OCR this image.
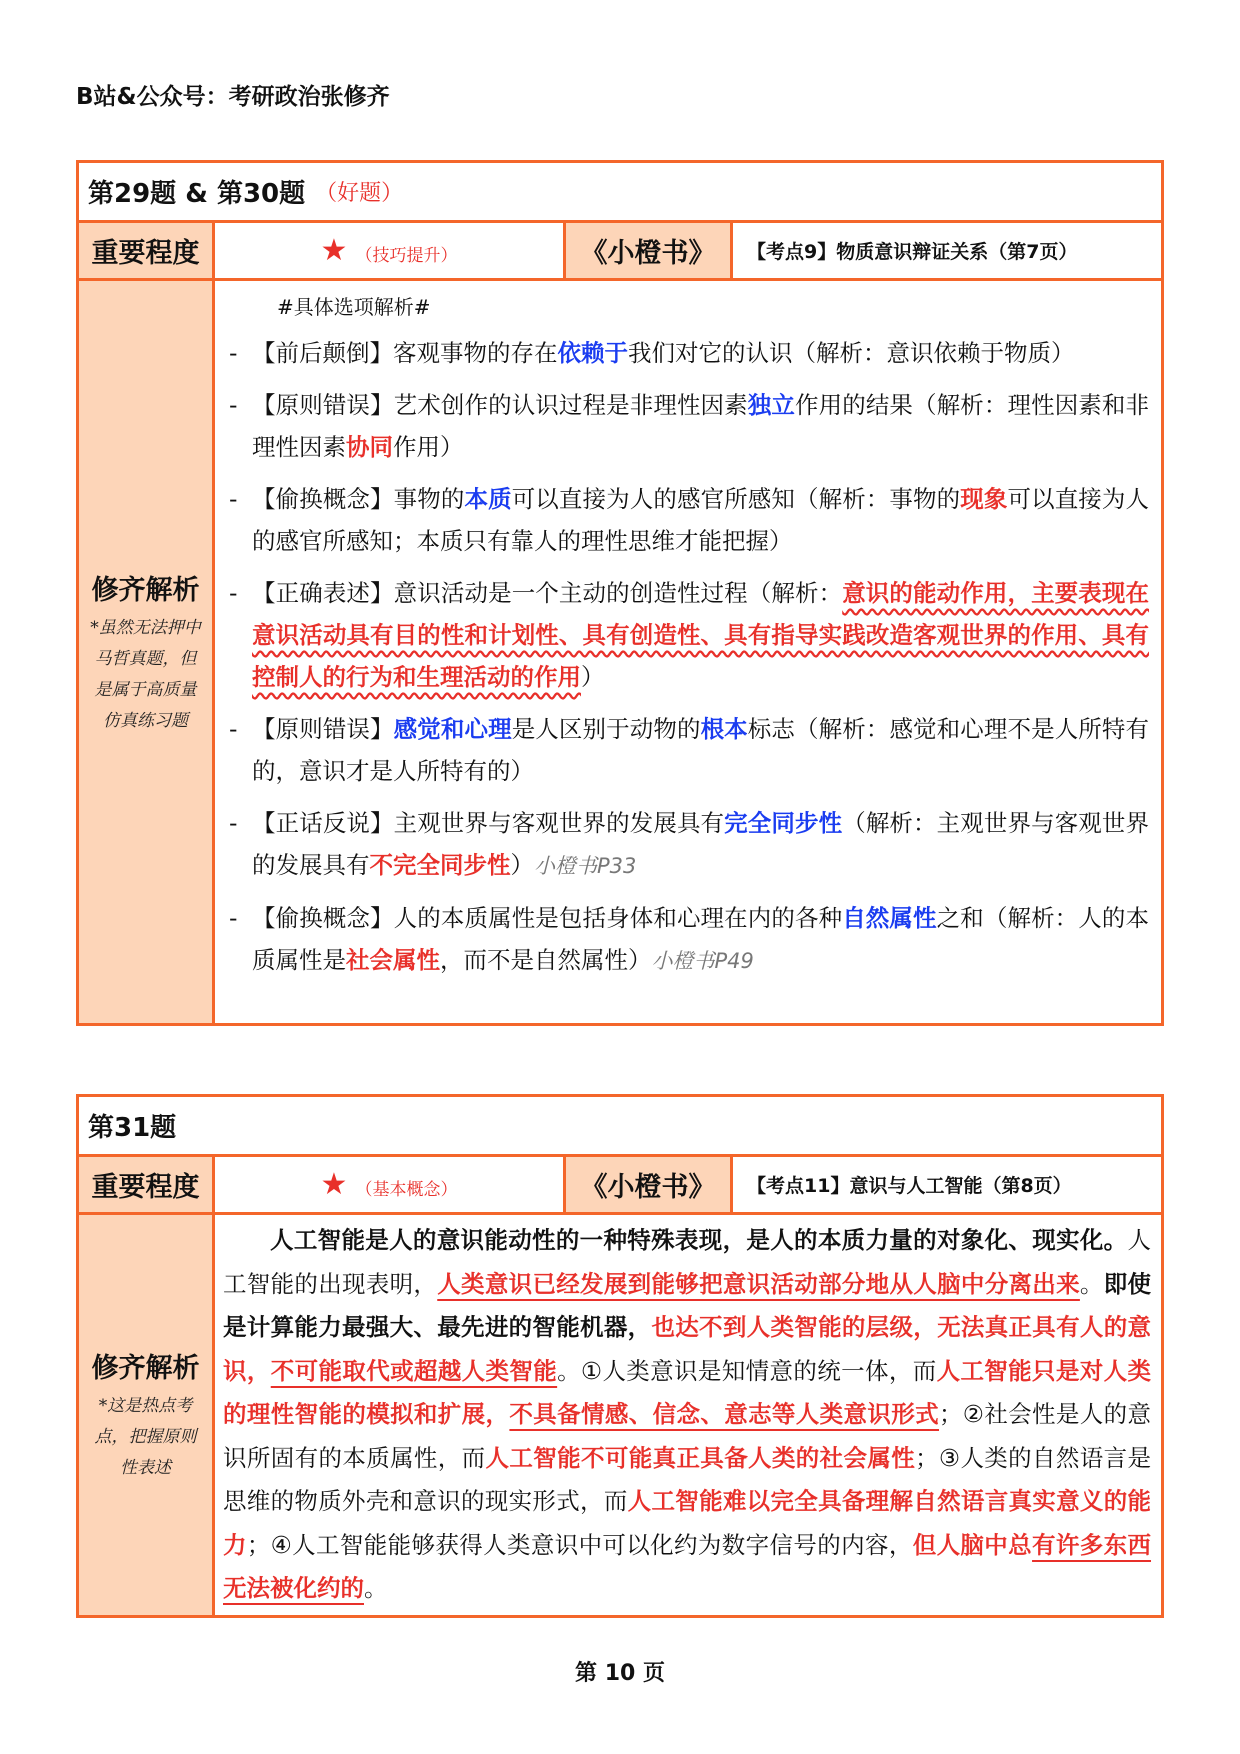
B站&公众号：考研政治张修齐
第29题 & 第30题 （好题）
重要程度	★ （技巧提升）	《小橙书》	【考点9】物质意识辩证关系（第7页）
修齐解析
*虽然无法押中马哲真题，但是属于高质量仿真练习题
#具体选项解析#
- 【前后颠倒】客观事物的存在依赖于我们对它的认识（解析：意识依赖于物质）
- 【原则错误】艺术创作的认识过程是非理性因素独立作用的结果（解析：理性因素和非理性因素协同作用）
- 【偷换概念】事物的本质可以直接为人的感官所感知（解析：事物的现象可以直接为人的感官所感知；本质只有靠人的理性思维才能把握）
- 【正确表述】意识活动是一个主动的创造性过程（解析：意识的能动作用，主要表现在意识活动具有目的性和计划性、具有创造性、具有指导实践改造客观世界的作用、具有控制人的行为和生理活动的作用）
- 【原则错误】感觉和心理是人区别于动物的根本标志（解析：感觉和心理不是人所特有的，意识才是人所特有的）
- 【正话反说】主观世界与客观世界的发展具有完全同步性（解析：主观世界与客观世界的发展具有不完全同步性）小橙书P33
- 【偷换概念】人的本质属性是包括身体和心理在内的各种自然属性之和（解析：人的本质属性是社会属性，而不是自然属性）小橙书P49
第31题
重要程度	★ （基本概念）	《小橙书》	【考点11】意识与人工智能（第8页）
修齐解析
*这是热点考点，把握原则性表述
人工智能是人的意识能动性的一种特殊表现，是人的本质力量的对象化、现实化。人工智能的出现表明，人类意识已经发展到能够把意识活动部分地从人脑中分离出来。即使是计算能力最强大、最先进的智能机器，也达不到人类智能的层级，无法真正具有人的意识，不可能取代或超越人类智能。①人类意识是知情意的统一体，而人工智能只是对人类的理性智能的模拟和扩展，不具备情感、信念、意志等人类意识形式；②社会性是人的意识所固有的本质属性，而人工智能不可能真正具备人类的社会属性；③人类的自然语言是思维的物质外壳和意识的现实形式，而人工智能难以完全具备理解自然语言真实意义的能力；④人工智能能够获得人类意识中可以化约为数字信号的内容，但人脑中总有许多东西无法被化约的。
第 10 页
